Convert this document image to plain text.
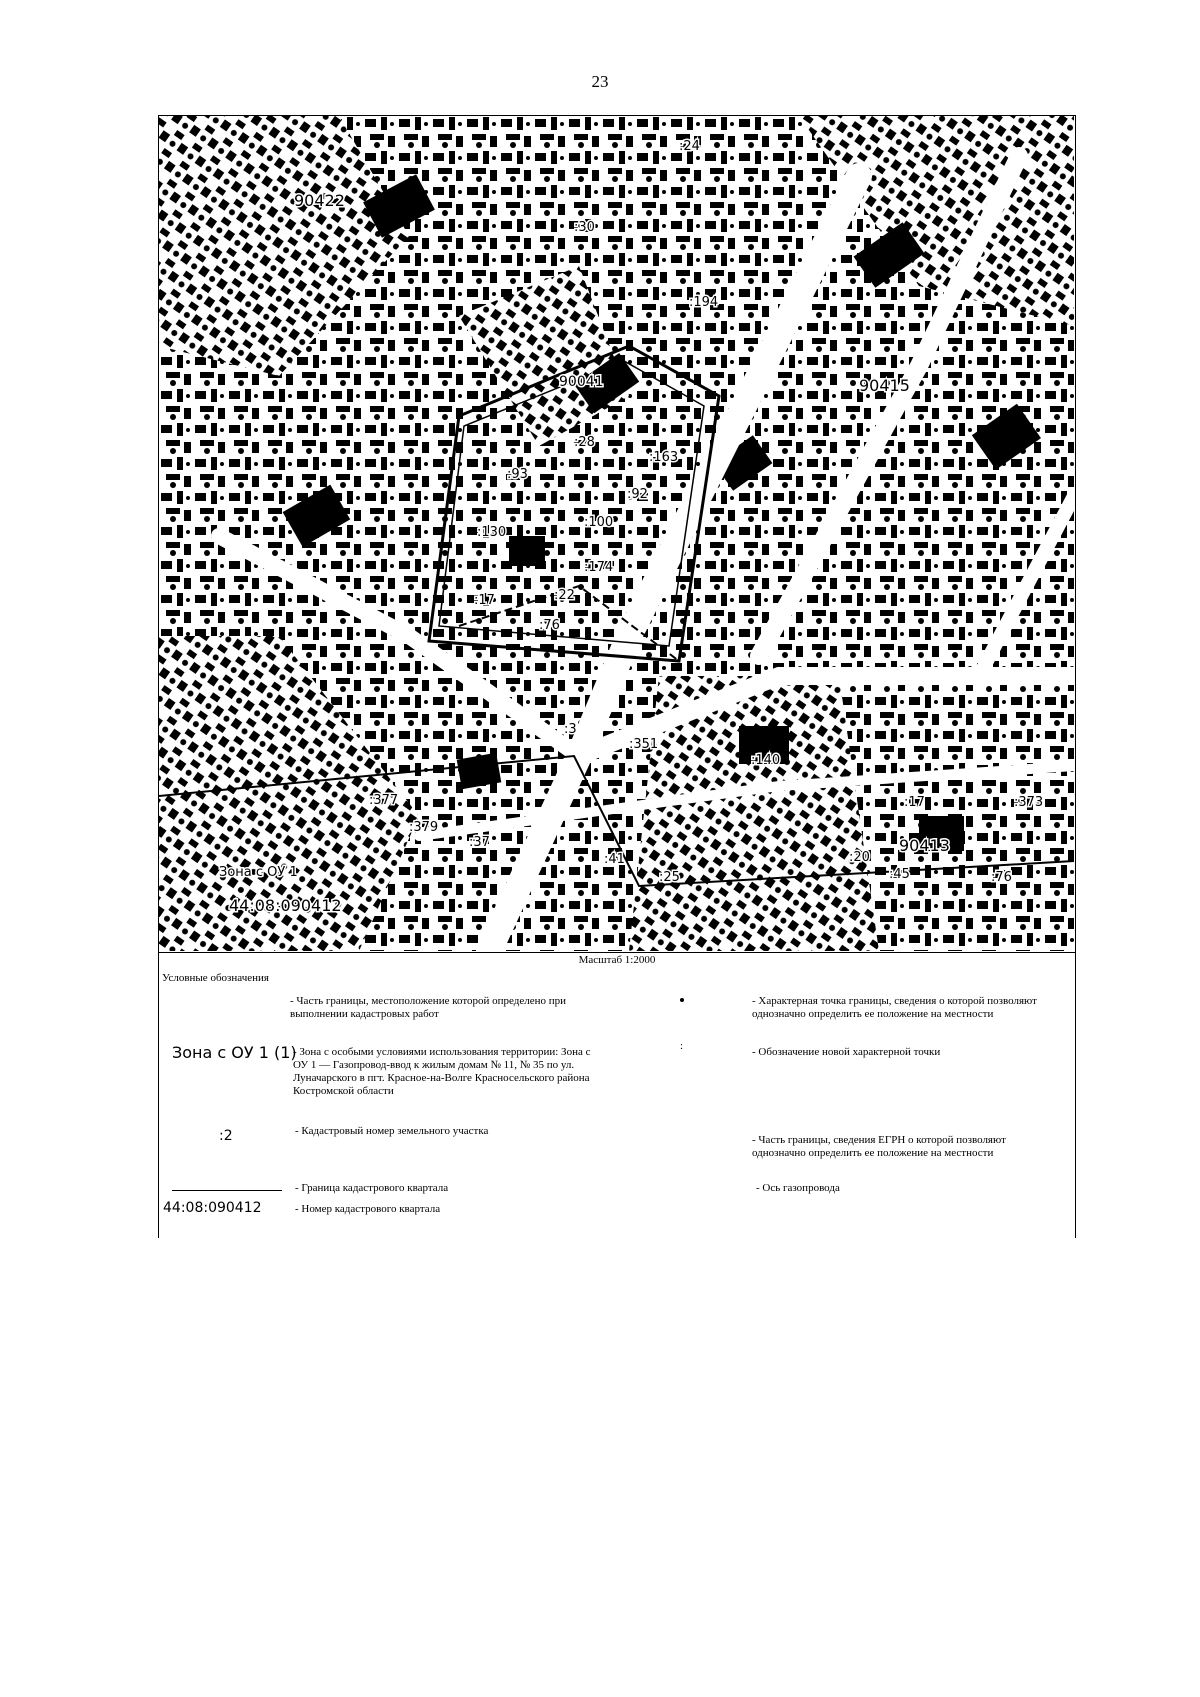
23
90422
90041	90415
90413
44:08:090412
Зона с ОУ 1
:24
:30
:194
:28
:163
:93
:92
:100
:130
:174
:17	:22
:76
:3
:351
:140
:377
:379
:37
:41
:25
:17	:373
:20
:45	:76
Масштаб 1:2000
Условные обозначения
- Часть границы, местоположение которой определено при выполнении кадастровых работ
Зона с ОУ 1 (1)
- Зона с особыми условиями использования территории: Зона с ОУ 1 — Газопровод-ввод к жилым домам № 11, № 35 по ул. Луначарского в пгт. Красное-на-Волге Красносельского района Костромской области
:2	- Кадастровый номер земельного участка
- Граница кадастрового квартала
44:08:090412	- Номер кадастрового квартала
- Характерная точка границы, сведения о которой позволяют однозначно определить ее положение на местности
:	- Обозначение новой характерной точки
- Часть границы, сведения ЕГРН о которой позволяют однозначно определить ее положение на местности
- Ось газопровода
